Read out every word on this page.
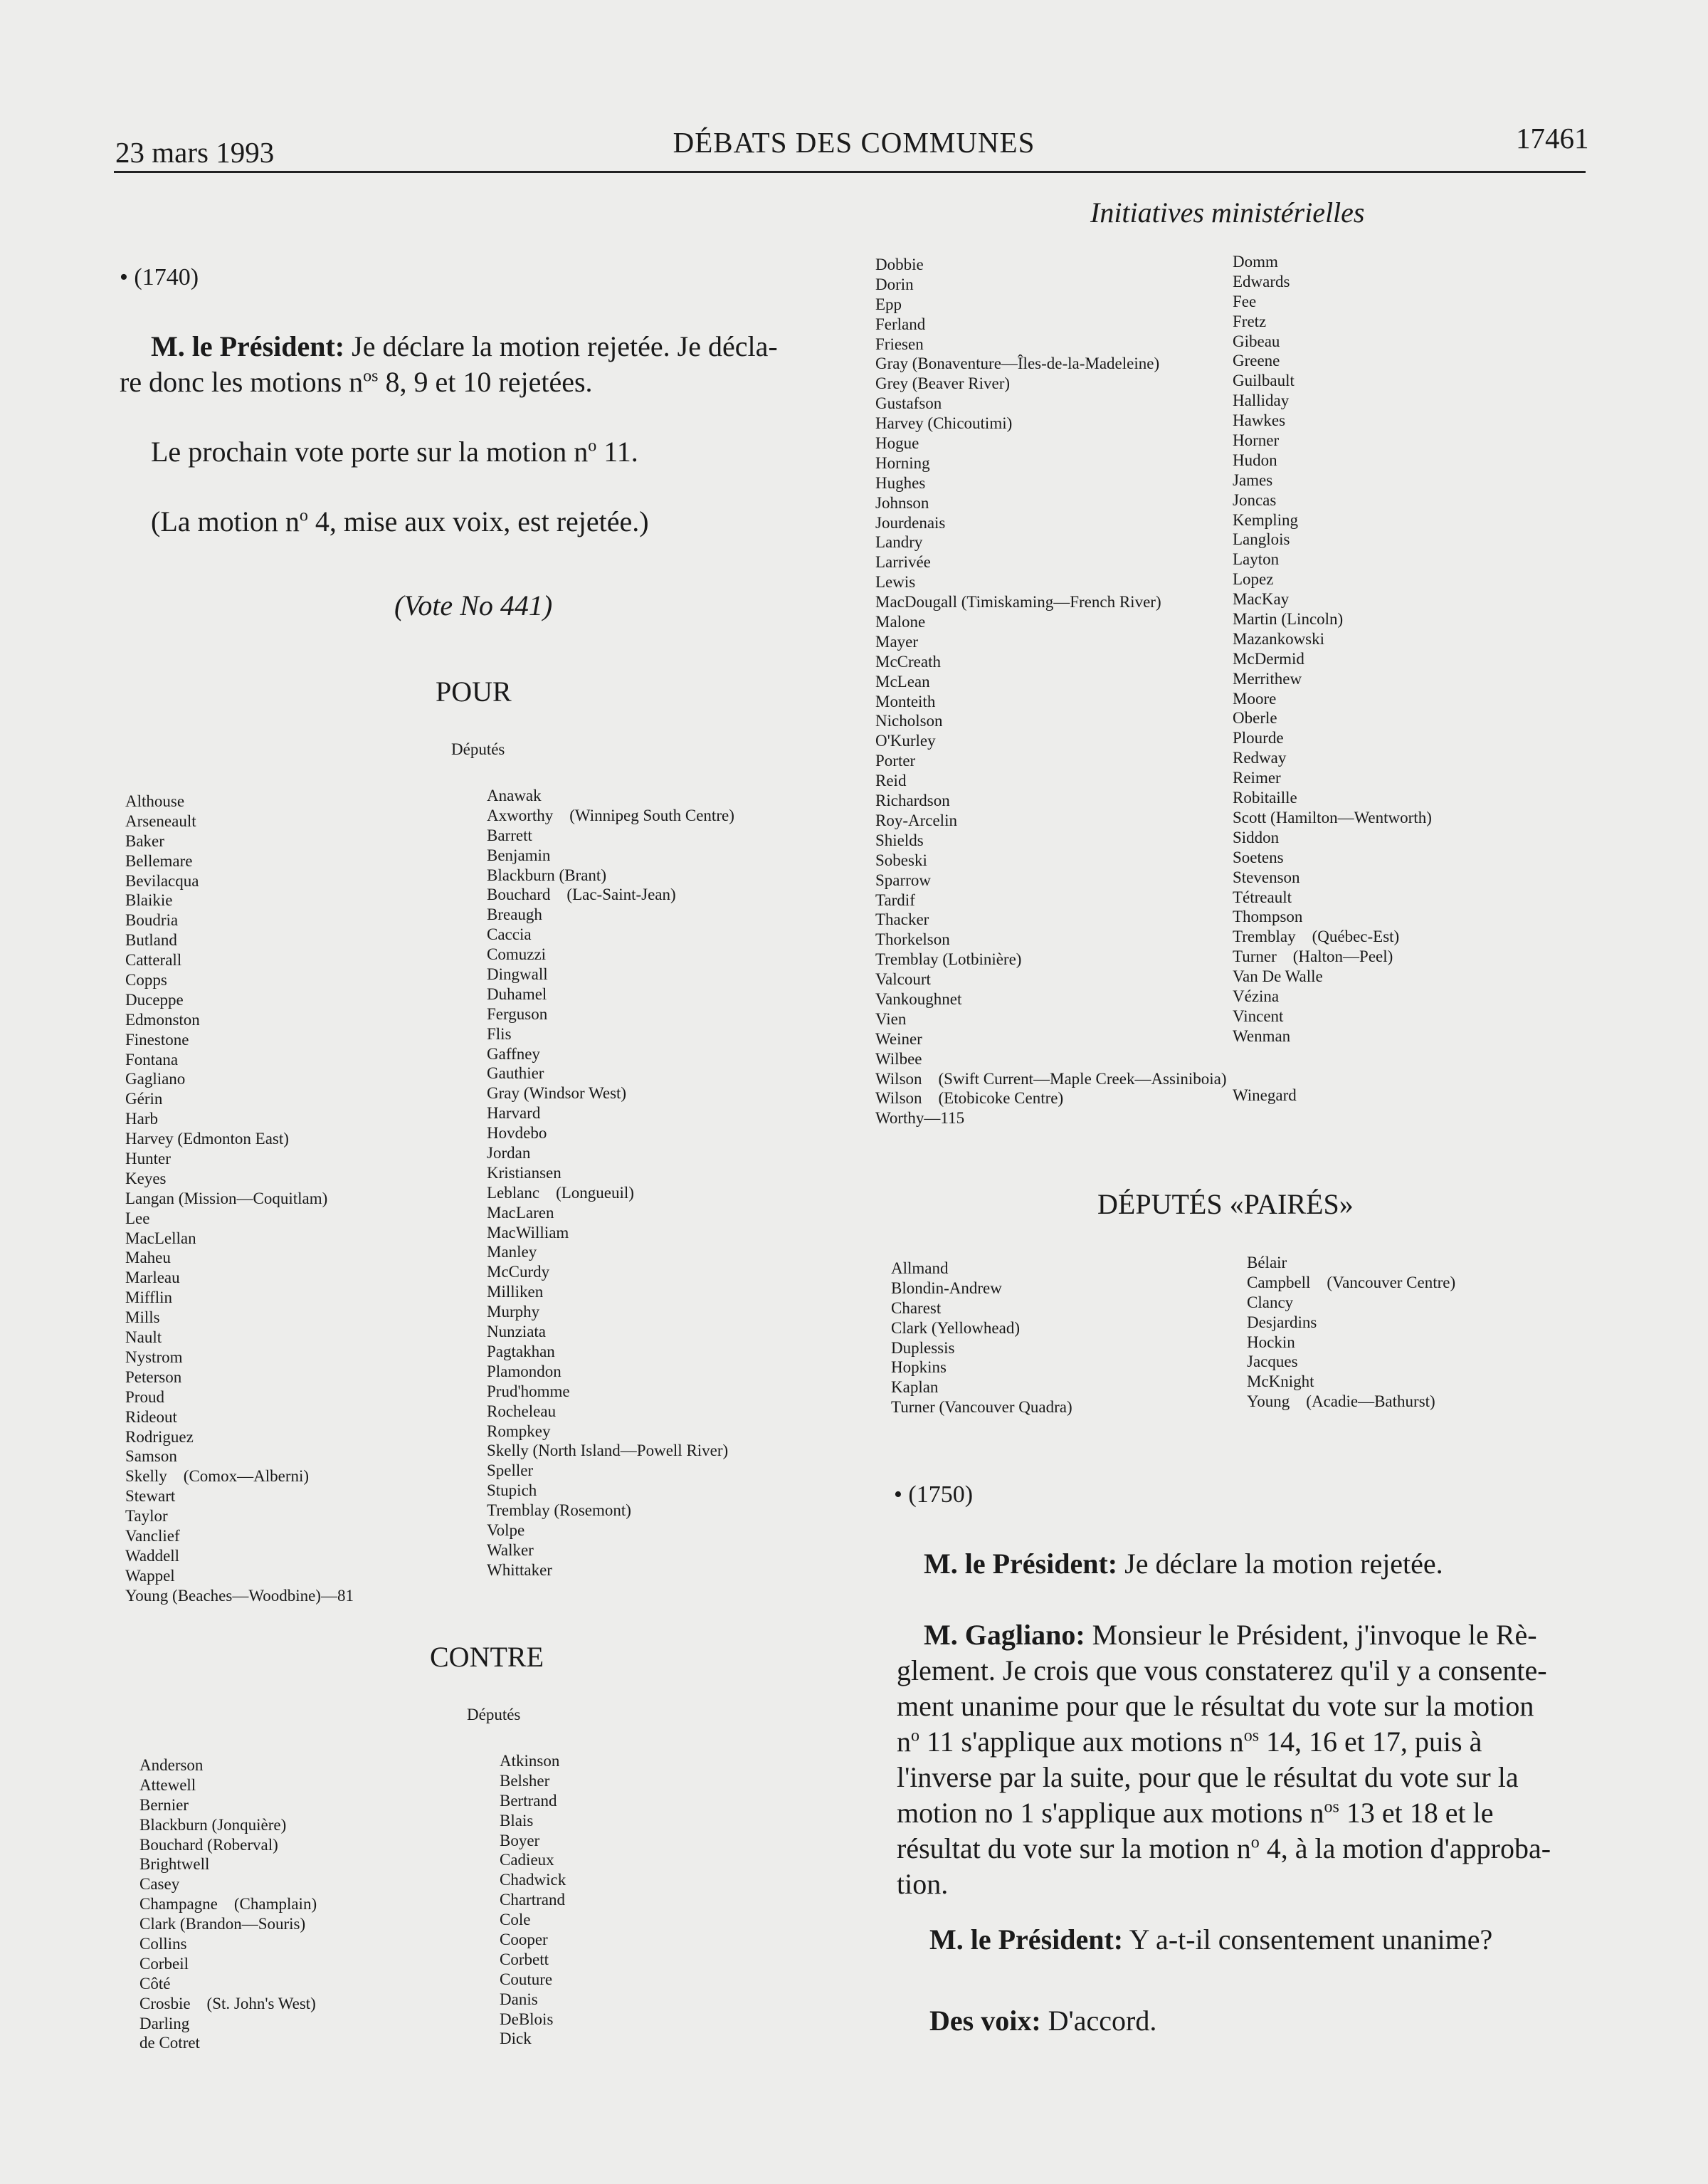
23 mars 1993	DÉBATS DES COMMUNES	17461
Initiatives ministérielles
• (1740)
M. le Président: Je déclare la motion rejetée. Je décla-
re donc les motions $n^{os}$ 8, 9 et 10 rejetées.
Le prochain vote porte sur la motion $n^o$ 11.
(La motion $n^o$ 4, mise aux voix, est rejetée.)
(Vote No 441)
POUR
Députés
Althouse
Arseneault
Baker
Bellemare
Bevilacqua
Blaikie
Boudria
Butland
Catterall
Copps
Duceppe
Edmonston
Finestone
Fontana
Gagliano
Gérin
Harb
Harvey (Edmonton East)
Hunter
Keyes
Langan (Mission—Coquitlam)
Lee
MacLellan
Maheu
Marleau
Mifflin
Mills
Nault
Nystrom
Peterson
Proud
Rideout
Rodriguez
Samson
Skelly    (Comox—Alberni)
Stewart
Taylor
Vanclief
Waddell
Wappel
Young (Beaches—Woodbine)—81
Anawak
Axworthy    (Winnipeg South Centre)
Barrett
Benjamin
Blackburn (Brant)
Bouchard    (Lac-Saint-Jean)
Breaugh
Caccia
Comuzzi
Dingwall
Duhamel
Ferguson
Flis
Gaffney
Gauthier
Gray (Windsor West)
Harvard
Hovdebo
Jordan
Kristiansen
Leblanc    (Longueuil)
MacLaren
MacWilliam
Manley
McCurdy
Milliken
Murphy
Nunziata
Pagtakhan
Plamondon
Prud'homme
Rocheleau
Rompkey
Skelly (North Island—Powell River)
Speller
Stupich
Tremblay (Rosemont)
Volpe
Walker
Whittaker
CONTRE
Députés
Anderson
Attewell
Bernier
Blackburn (Jonquière)
Bouchard (Roberval)
Brightwell
Casey
Champagne    (Champlain)
Clark (Brandon—Souris)
Collins
Corbeil
Côté
Crosbie    (St. John's West)
Darling
de Cotret
Atkinson
Belsher
Bertrand
Blais
Boyer
Cadieux
Chadwick
Chartrand
Cole
Cooper
Corbett
Couture
Danis
DeBlois
Dick
Dobbie
Dorin
Epp
Ferland
Friesen
Gray (Bonaventure—Îles-de-la-Madeleine)
Grey (Beaver River)
Gustafson
Harvey (Chicoutimi)
Hogue
Horning
Hughes
Johnson
Jourdenais
Landry
Larrivée
Lewis
MacDougall (Timiskaming—French River)
Malone
Mayer
McCreath
McLean
Monteith
Nicholson
O'Kurley
Porter
Reid
Richardson
Roy-Arcelin
Shields
Sobeski
Sparrow
Tardif
Thacker
Thorkelson
Tremblay (Lotbinière)
Valcourt
Vankoughnet
Vien
Weiner
Wilbee
Wilson    (Swift Current—Maple Creek—Assiniboia)
Wilson    (Etobicoke Centre)
Worthy—115
Domm
Edwards
Fee
Fretz
Gibeau
Greene
Guilbault
Halliday
Hawkes
Horner
Hudon
James
Joncas
Kempling
Langlois
Layton
Lopez
MacKay
Martin (Lincoln)
Mazankowski
McDermid
Merrithew
Moore
Oberle
Plourde
Redway
Reimer
Robitaille
Scott (Hamilton—Wentworth)
Siddon
Soetens
Stevenson
Tétreault
Thompson
Tremblay    (Québec-Est)
Turner    (Halton—Peel)
Van De Walle
Vézina
Vincent
Wenman
Winegard
DÉPUTÉS «PAIRÉS»
Allmand
Blondin-Andrew
Charest
Clark (Yellowhead)
Duplessis
Hopkins
Kaplan
Turner (Vancouver Quadra)
Bélair
Campbell    (Vancouver Centre)
Clancy
Desjardins
Hockin
Jacques
McKnight
Young    (Acadie—Bathurst)
• (1750)
M. le Président: Je déclare la motion rejetée.
M. Gagliano: Monsieur le Président, j'invoque le Rè-
glement. Je crois que vous constaterez qu'il y a consente-
ment unanime pour que le résultat du vote sur la motion
$n^o$ 11 s'applique aux motions $n^{os}$ 14, 16 et 17, puis à
l'inverse par la suite, pour que le résultat du vote sur la
motion no 1 s'applique aux motions $n^{os}$ 13 et 18 et le
résultat du vote sur la motion $n^o$ 4, à la motion d'approba-
tion.
M. le Président: Y a-t-il consentement unanime?
Des voix: D'accord.
